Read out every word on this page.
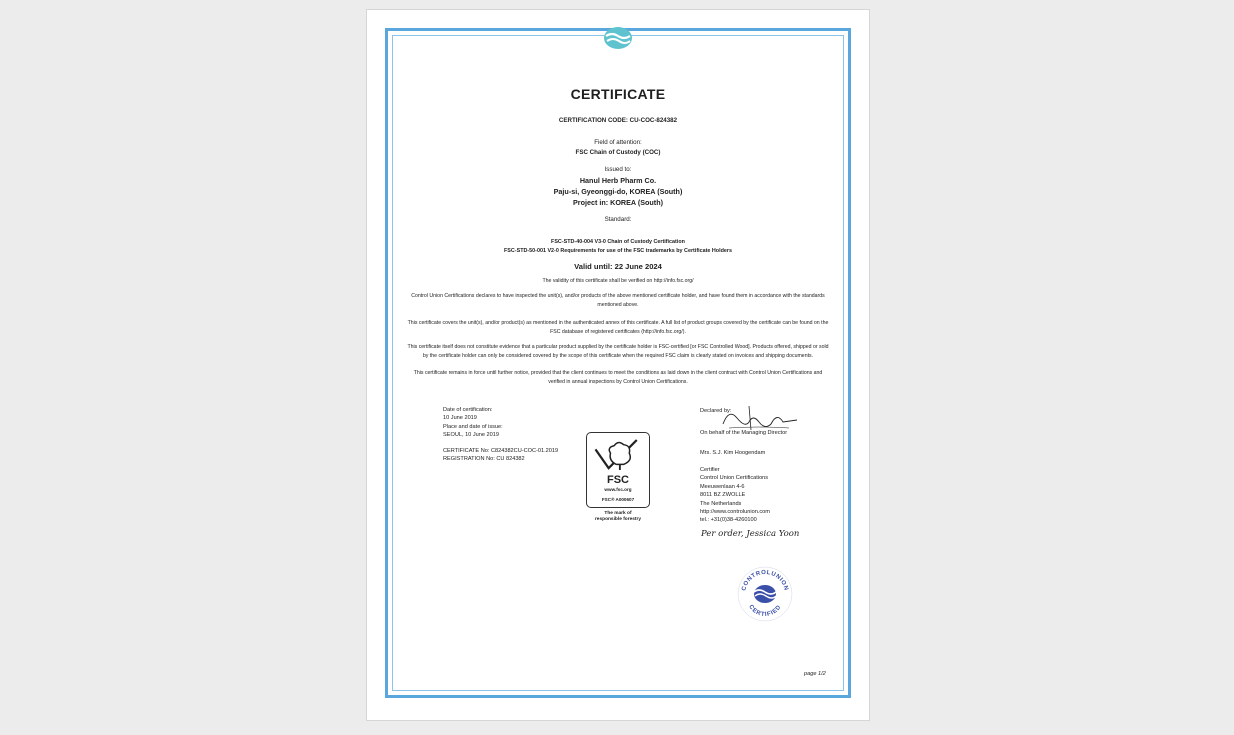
CERTIFICATE
CERTIFICATION CODE: CU-COC-824382
Field of attention:
FSC Chain of Custody (COC)
Issued to:
Hanul Herb Pharm Co.
Paju-si, Gyeonggi-do, KOREA (South)
Project in: KOREA (South)
Standard:
FSC-STD-40-004 V3-0 Chain of Custody Certification
FSC-STD-50-001 V2-0 Requirements for use of the FSC trademarks by Certificate Holders
Valid until: 22 June 2024
The validity of this certificate shall be verified on http://info.fsc.org/
Control Union Certifications declares to have inspected the unit(s), and/or products of the above mentioned certificate holder, and have found them in accordance with the standards mentioned above.
This certificate covers the unit(s), and/or product(s) as mentioned in the authenticated annex of this certificate. A full list of product groups covered by the certificate can be found on the FSC database of registered certificates (http://info.fsc.org/).
This certificate itself does not constitute evidence that a particular product supplied by the certificate holder is FSC-certified [or FSC Controlled Wood]. Products offered, shipped or sold by the certificate holder can only be considered covered by the scope of this certificate when the required FSC claim is clearly stated on invoices and shipping documents.
This certificate remains in force until further notice, provided that the client continues to meet the conditions as laid down in the client contract with Control Union Certifications and verified in annual inspections by Control Union Certifications.
Date of certification:
10 June 2019
Place and date of issue:
SEOUL, 10 June 2019
CERTIFICATE No: C824382CU-COC-01.2019
REGISTRATION No: CU 824382
Declared by:
On behalf of the Managing Director
Mrs. S.J. Kim Hoogendam
Certifier
Control Union Certifications
Meeuwenlaan 4-6
8011 BZ ZWOLLE
The Netherlands
http://www.controlunion.com
tel.: +31(0)38-4260100
Per order, Jessica Yoon
FSC
www.fsc.org
FSC® A000607
The mark of
responsible forestry
CONTROLUNION
CERTIFIED
page 1/2
